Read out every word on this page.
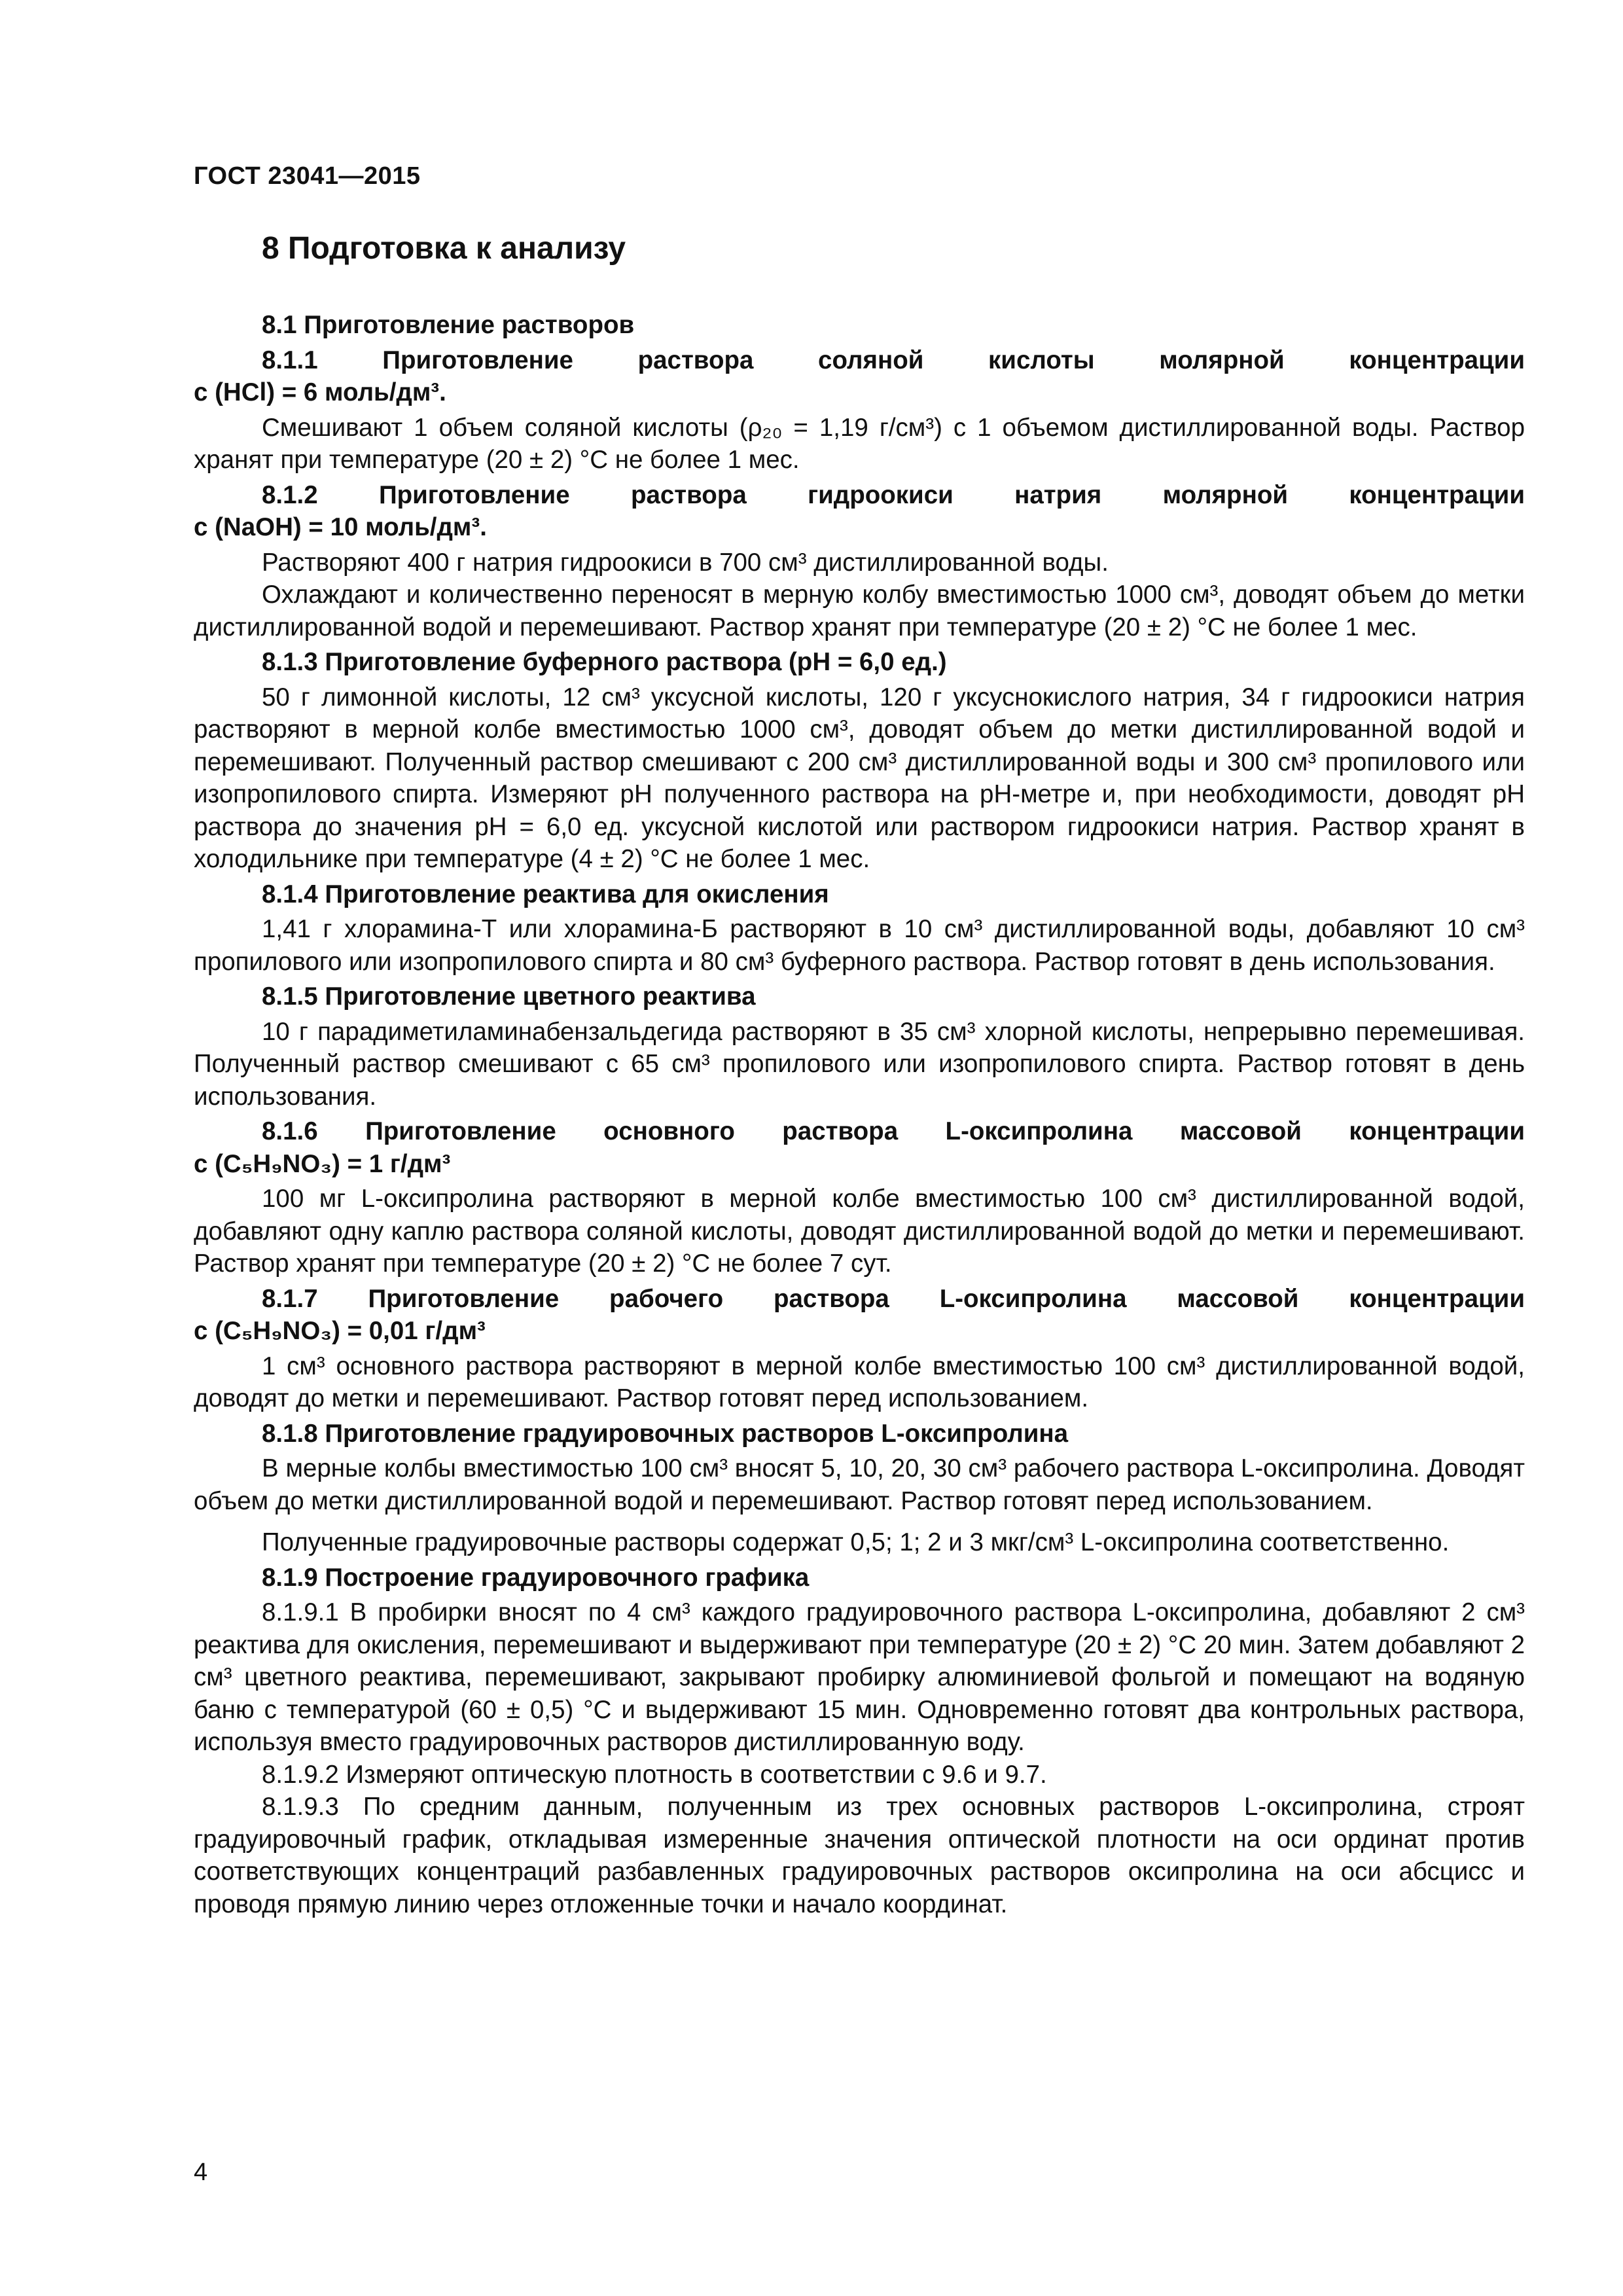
ГОСТ 23041—2015
8 Подготовка к анализу

8.1 Приготовление растворов

8.1.1 Приготовление раствора соляной кислоты молярной концентрации

c (HCl) = 6 моль/дм³.

Смешивают 1 объем соляной кислоты (ρ₂₀ = 1,19 г/см³) с 1 объемом дистиллированной воды. Раствор хранят при температуре (20 ± 2) °С не более 1 мес.

8.1.2 Приготовление раствора гидроокиси натрия молярной концентрации

c (NaOH) = 10 моль/дм³.

Растворяют 400 г натрия гидроокиси в 700 см³ дистиллированной воды.

Охлаждают и количественно переносят в мерную колбу вместимостью 1000 см³, доводят объем до метки дистиллированной водой и перемешивают. Раствор хранят при температуре (20 ± 2) °С не более 1 мес.

8.1.3 Приготовление буферного раствора (pH = 6,0 ед.)

50 г лимонной кислоты, 12 см³ уксусной кислоты, 120 г уксуснокислого натрия, 34 г гидроокиси натрия растворяют в мерной колбе вместимостью 1000 см³, доводят объем до метки дистиллированной водой и перемешивают. Полученный раствор смешивают с 200 см³ дистиллированной воды и 300 см³ пропилового или изопропилового спирта. Измеряют pH полученного раствора на pH-метре и, при необходимости, доводят pH раствора до значения pH = 6,0 ед. уксусной кислотой или раствором гидроокиси натрия. Раствор хранят в холодильнике при температуре (4 ± 2) °С не более 1 мес.

8.1.4 Приготовление реактива для окисления

1,41 г хлорамина-Т или хлорамина-Б растворяют в 10 см³ дистиллированной воды, добавляют 10 см³ пропилового или изопропилового спирта и 80 см³ буферного раствора. Раствор готовят в день использования.

8.1.5 Приготовление цветного реактива

10 г парадиметиламинабензальдегида растворяют в 35 см³ хлорной кислоты, непрерывно перемешивая. Полученный раствор смешивают с 65 см³ пропилового или изопропилового спирта. Раствор готовят в день использования.

8.1.6 Приготовление основного раствора L-оксипролина массовой концентрации

c (C₅H₉NO₃) = 1 г/дм³

100 мг L-оксипролина растворяют в мерной колбе вместимостью 100 см³ дистиллированной водой, добавляют одну каплю раствора соляной кислоты, доводят дистиллированной водой до метки и перемешивают. Раствор хранят при температуре (20 ± 2) °С не более 7 сут.

8.1.7 Приготовление рабочего раствора L-оксипролина массовой концентрации

c (C₅H₉NO₃) = 0,01 г/дм³

1 см³ основного раствора растворяют в мерной колбе вместимостью 100 см³ дистиллированной водой, доводят до метки и перемешивают. Раствор готовят перед использованием.

8.1.8 Приготовление градуировочных растворов L-оксипролина

В мерные колбы вместимостью 100 см³ вносят 5, 10, 20, 30 см³ рабочего раствора L-оксипролина. Доводят объем до метки дистиллированной водой и перемешивают. Раствор готовят перед использованием.

Полученные градуировочные растворы содержат 0,5; 1; 2 и 3 мкг/см³ L-оксипролина соответственно.

8.1.9 Построение градуировочного графика

8.1.9.1 В пробирки вносят по 4 см³ каждого градуировочного раствора L-оксипролина, добавляют 2 см³ реактива для окисления, перемешивают и выдерживают при температуре (20 ± 2) °С 20 мин. Затем добавляют 2 см³ цветного реактива, перемешивают, закрывают пробирку алюминиевой фольгой и помещают на водяную баню с температурой (60 ± 0,5) °С и выдерживают 15 мин. Одновременно готовят два контрольных раствора, используя вместо градуировочных растворов дистиллированную воду.

8.1.9.2 Измеряют оптическую плотность в соответствии с 9.6 и 9.7.

8.1.9.3 По средним данным, полученным из трех основных растворов L-оксипролина, строят градуировочный график, откладывая измеренные значения оптической плотности на оси ординат против соответствующих концентраций разбавленных градуировочных растворов оксипролина на оси абсцисс и проводя прямую линию через отложенные точки и начало координат.

4
